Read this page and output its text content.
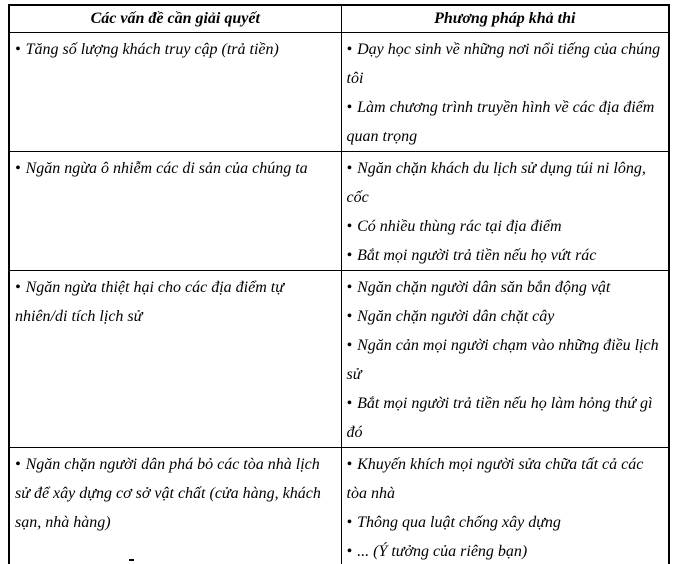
Các vấn đề cần giải quyết	Phương pháp khả thi

• Tăng số lượng khách truy cập (trả tiền)	• Dạy học sinh về những nơi nổi tiếng của chúng tôi

• Làm chương trình truyền hình về các địa điểm quan trọng

• Ngăn ngừa ô nhiễm các di sản của chúng ta	• Ngăn chặn khách du lịch sử dụng túi ni lông, cốc

• Có nhiều thùng rác tại địa điểm

• Bắt mọi người trả tiền nếu họ vứt rác

• Ngăn ngừa thiệt hại cho các địa điểm tự nhiên/di tích lịch sử	• Ngăn chặn người dân săn bắn động vật

• Ngăn chặn người dân chặt cây

• Ngăn cản mọi người chạm vào những điều lịch sử

• Bắt mọi người trả tiền nếu họ làm hỏng thứ gì đó

• Ngăn chặn người dân phá bỏ các tòa nhà lịch sử để xây dựng cơ sở vật chất (cửa hàng, khách sạn, nhà hàng)	• Khuyến khích mọi người sửa chữa tất cả các tòa nhà

• Thông qua luật chống xây dựng

• ... (Ý tưởng của riêng bạn)
